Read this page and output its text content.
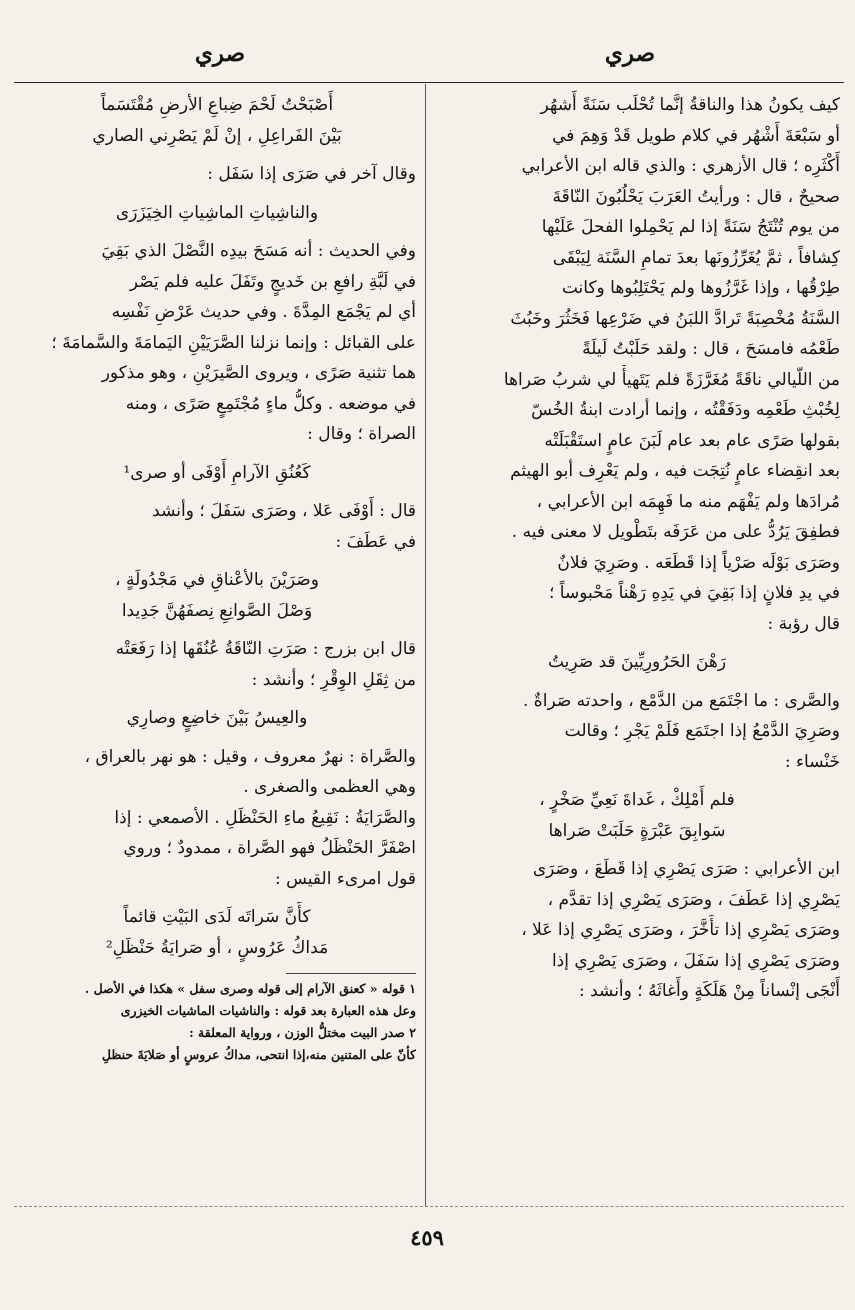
صري
صري
كيف يكونُ هذا والناقةُ إنَّما تُحْلَب سَنَةً أَشهُر
أو سَبْعَةَ أَشْهُر في كلام طويل قَدْ وَهِمَ في
أَكْثَرِه ؛ قال الأزهري : والذي قاله ابن الأعرابي
صحيحٌ ، قال : ورأيتُ العَرَبَ يَحْلُبُونَ النّاقَةَ
من يوم تُنْتَجُ سَنَةً إذا لم يَحْمِلوا الفحلَ عَلَيْها
كِشافاً ، ثمَّ يُغَرِّزُونَها بعدَ تمامِ السَّنَة لِيَبْقَى
طِرْقُها ، وإذا غَرَّزُوها ولم يَحْتَلِبُوها وكانت
السَّنَةُ مُخْصِبَةً تَرادَّ اللبَنُ في ضَرْعِها فَخَثُرَ وخَبُثَ
طَعْمُه فامسَحَ ، قال : ولقد حَلَبْتُ لَيلَةً
من اللّيالي ناقَةً مُغَرَّزَةً فلم يَتَهيأْ لي شربُ صَراها
لِخُبْثِ طَعْمِه ودَفَقْتُه ، وإنما أرادت ابنةُ الخُسّ
بقولها صَرًى عام بعد عام لَبَنَ عامٍ استَقْبَلَتْه
بعد انقِضاء عامٍ نُتِجَت فيه ، ولم يَعْرِف أبو الهيثم
مُرادَها ولم يَفْهَم منه ما فَهِمَه ابن الأعرابي ،
فطفِقَ يَرُدُّ على من عَرَفَه بتَطْويل لا معنى فيه .
وصَرَى بَوْلَه صَرْياً إذا قَطَعَه . وصَرِيَ فلانٌ
في يدِ فلانٍ إذا بَقِيَ في يَدِهِ رَهْناً مَحْبوساً ؛
قال رؤبة :
رَهْنَ الحَرُورِيِّينَ قد صَرِيتُ
والصَّرى : ما اجْتَمَع من الدَّمْع ، واحدته صَراةٌ .
وصَرِيَ الدَّمْعُ إذا اجتَمَع فَلَمْ يَجْرِ ؛ وقالت
خَنْساء :
فلم أَمْلِكْ ، غَداةَ نَعِيِّ صَخْرٍ ،
سَوابِقَ عَبْرَةٍ حَلَبَتْ صَراها
ابن الأعرابي : صَرَى يَصْرِي إذا قَطَعَ ، وصَرَى
يَصْرِي إذا عَطَفَ ، وصَرَى يَصْرِي إذا تقدَّم ،
وصَرَى يَصْرِي إذا تأَخَّرَ ، وصَرَى يَصْرِي إذا عَلا ،
وصَرَى يَصْرِي إذا سَفَلَ ، وصَرَى يَصْرِي إذا
أَنْجَى إنْساناً مِنْ هَلَكَةٍ وأَغاثَهُ ؛ وأنشد :
أَصْبَحْتُ لَحْمَ ضِباعِ الأرضِ مُقْتَسَماً
بَيْنَ الفَراعِلِ ، إنْ لَمْ يَصْرِني الصاري
وقال آخر في صَرَى إذا سَفَل :
والناشِياتِ الماشِياتِ الخِيَزَرَى
وفي الحديث : أنه مَسَحَ بيدِه النَّصْلَ الذي بَقِيَ
في لَبَّةِ رافعِ بن خَديجٍ وتَفَلَ عليه فلم يَصْر
أي لم يَجْمَع المِدَّةَ . وفي حديث عَرْضِ نَفْسِه
على القبائل : وإنما نزلنا الصَّرَيَيْنِ اليَمامَةَ والسَّمامَةَ ؛
هما تثنية صَرًى ، ويروى الصَّيرَيْنِ ، وهو مذكور
في موضعه . وكلُّ ماءٍ مُجْتَمِعٍ صَرًى ، ومنه
الصراة ؛ وقال :
كَعُنُقِ الآرامِ أَوْفَى أو صرى¹
قال : أَوْفَى عَلا ، وصَرَى سَفَلَ ؛ وأنشد
في عَطَفَ :
وصَرَيْنَ بالأعْناقِ في مَجْدُولَةٍ ،
وَصْلَ الصَّوانِعِ نِصفَهُنَّ جَدِيدا
قال ابن بزرج : صَرَتِ النّاقَةُ عُنُقَها إذا رَفَعَتْه
من ثِقَلِ الوِقْرِ ؛ وأنشد :
والعِيسُ بَيْنَ خاضِعٍ وصارِي
والصَّراة : نهرٌ معروف ، وقيل : هو نهر بالعراق ،
وهي العظمى والصغرى .
والصَّرَايَةُ : نَقِيعُ ماءِ الحَنْظَلِ . الأصمعي : إذا
اصْفَرَّ الحَنْظَلُ فهو الصَّراة ، ممدودٌ ؛ وروي
قول امرىء القيس :
كأَنَّ سَراتَه لَدَى البَيْتِ قائماً
مَداكُ عَرُوسٍ ، أو صَرايَةُ حَنْظَلِ²
١ قوله « كعنق الآرام إلى قوله وصرى سفل » هكذا في الأصل .
وعل هذه العبارة بعد قوله : والناشيات الماشيات الخيزرى
٢ صدر البيت مختلُّ الوزن ، ورواية المعلقة :
كأنّ على المتنين منه،إذا انتحى، مداكُ عروسٍ أو صَلايَةَ حنظلِ
٤٥٩
